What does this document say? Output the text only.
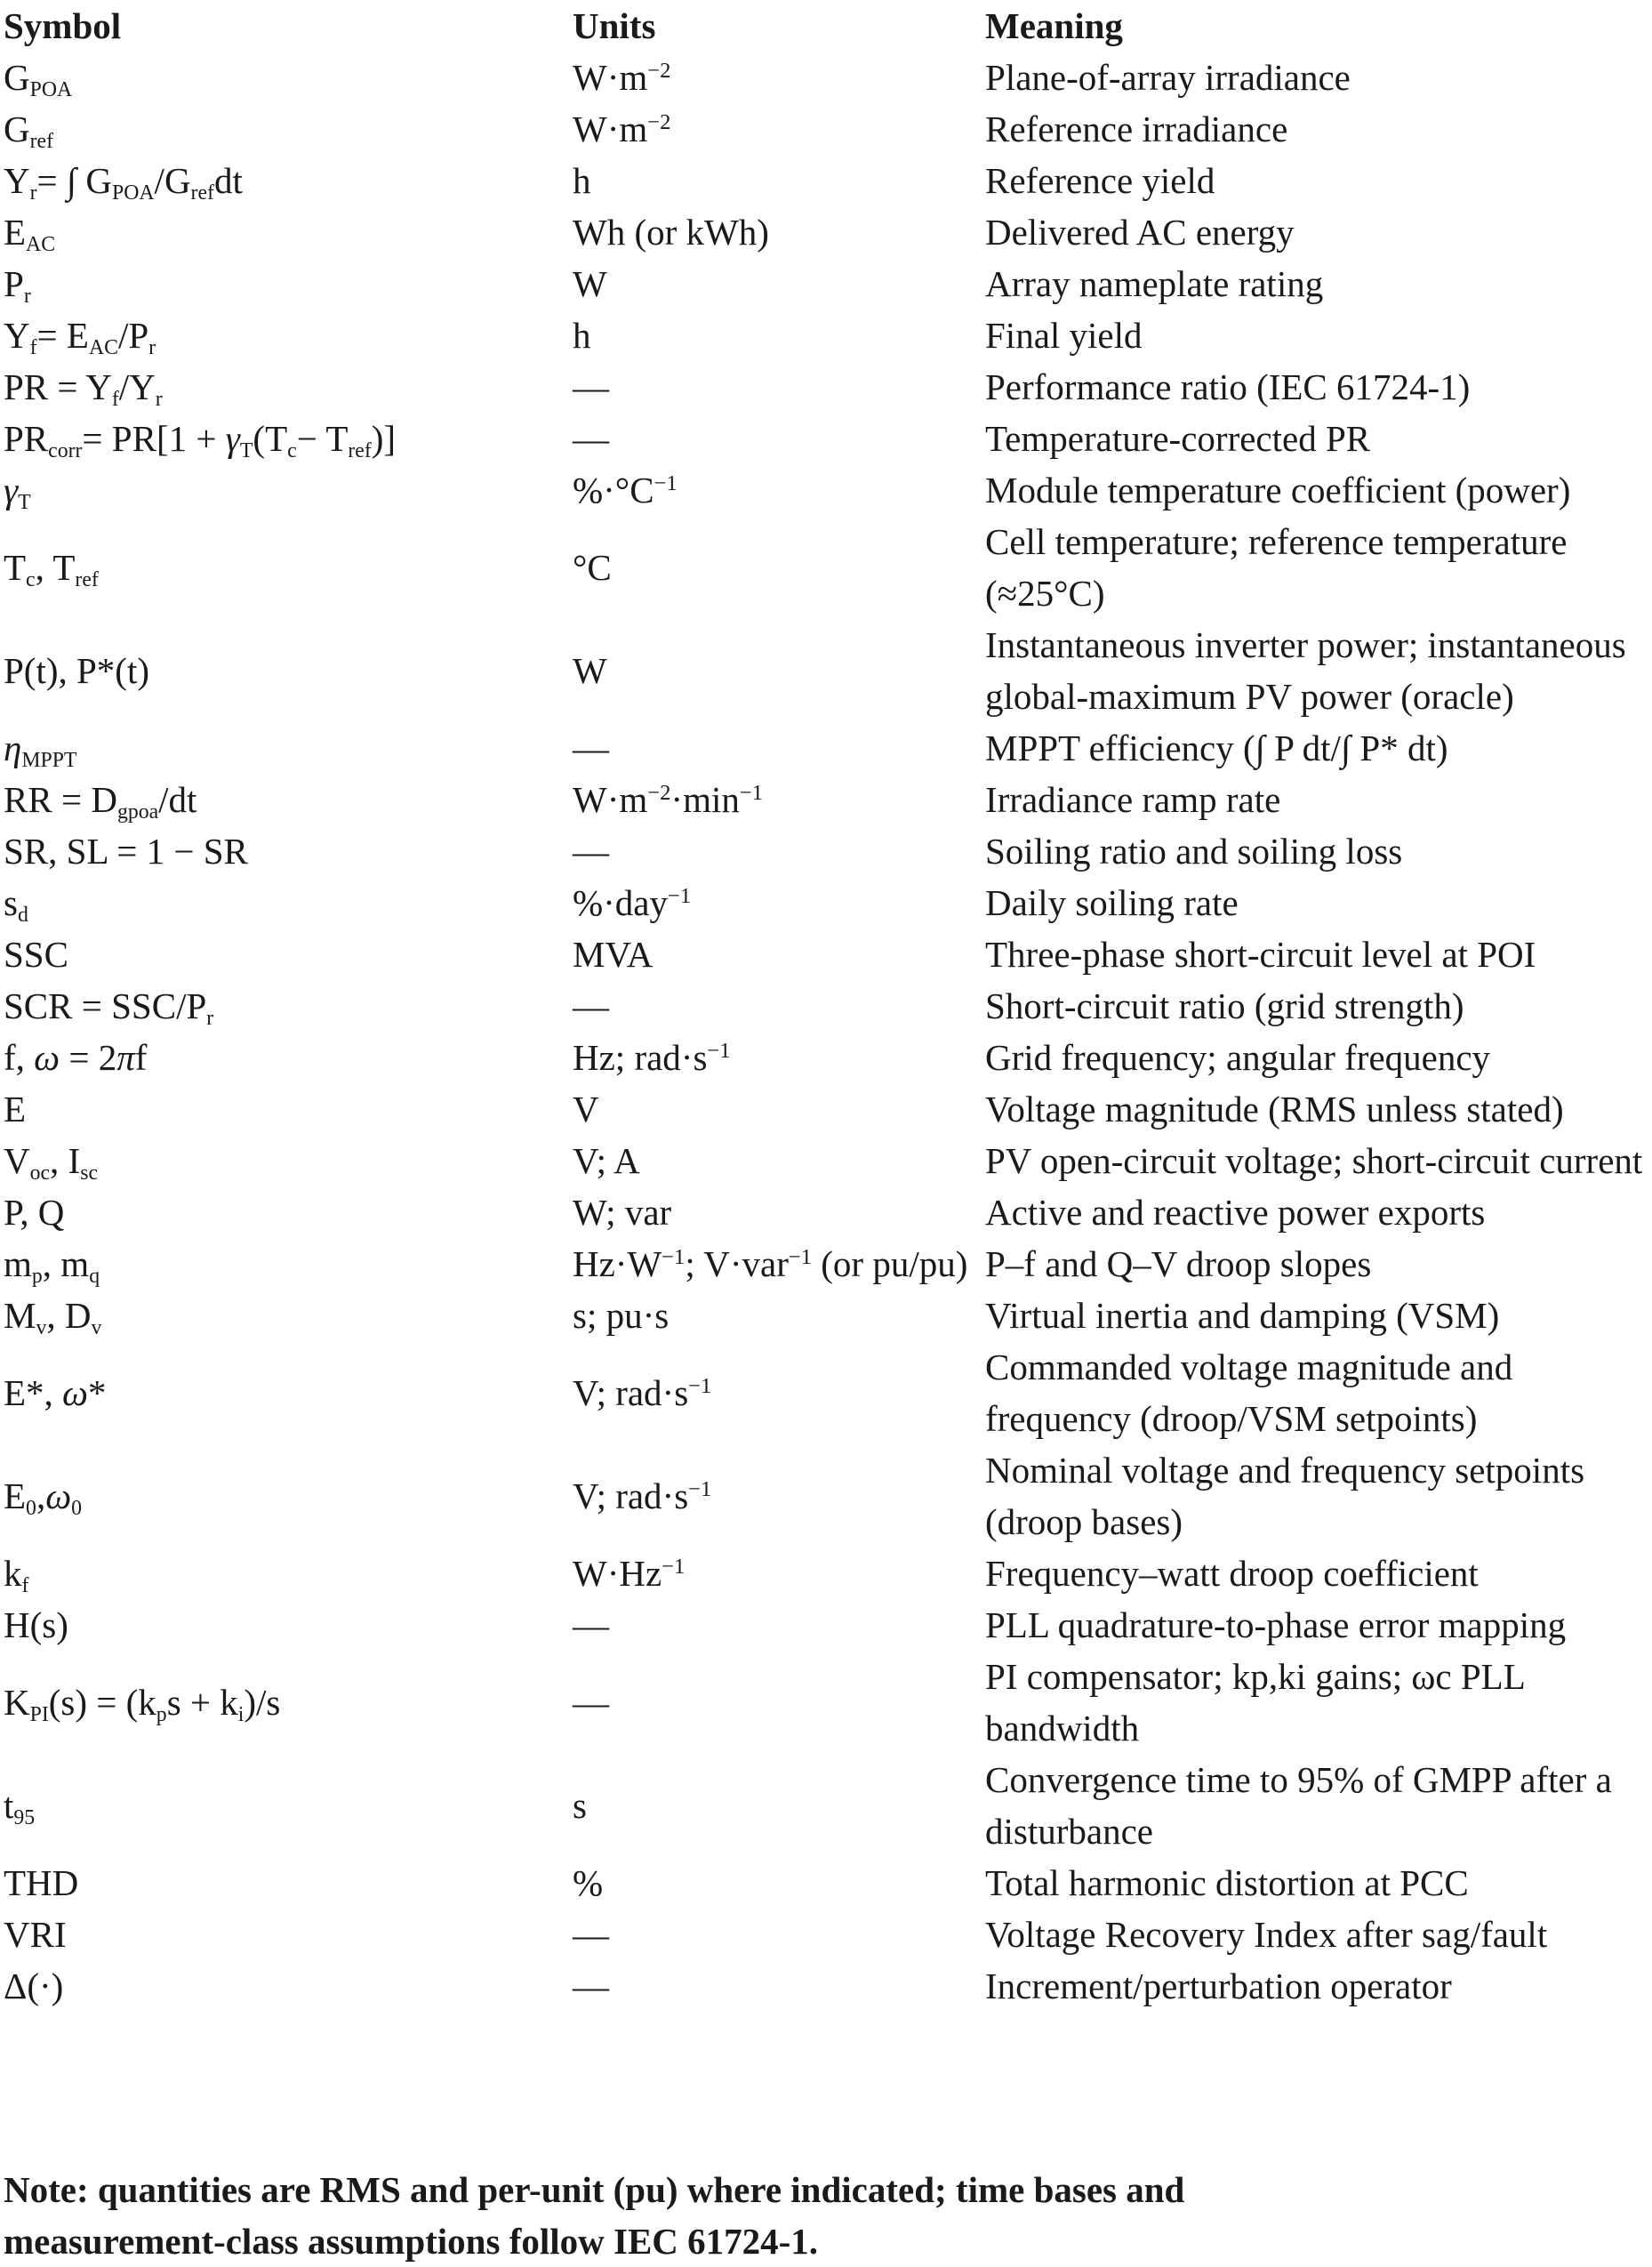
Symbol	Units	Meaning
$G_{POA}$	$W\cdot m^{-2}$	Plane-of-array irradiance
$G_{ref}$	$W\cdot m^{-2}$	Reference irradiance
$Y_r=$ ∫ $G_{POA}/G_{ref}dt$	h	Reference yield
$E_{AC}$	Wh (or kWh)	Delivered AC energy
$P_r$	W	Array nameplate rating
$Y_f= E_{AC}/P_r$	h	Final yield
PR = $Y_f/Y_r$	—	Performance ratio (IEC 61724-1)
$PR_{corr}= PR[1 + \gamma_T(T_c- T_{ref})]$	—	Temperature-corrected PR
$\gamma_T$	$\%\cdot^\circ C^{-1}$	Module temperature coefficient (power)
$T_c$, $T_{ref}$	°C	Cell temperature; reference temperature (≈25°C)
P(t), P*(t)	W	Instantaneous inverter power; instantaneous global-maximum PV power (oracle)
$\eta_{MPPT}$	—	MPPT efficiency (∫ P dt/∫ P* dt)
RR = $D_{gpoa}/dt$	$W\cdot m^{-2}\cdot\min^{-1}$	Irradiance ramp rate
SR, SL = 1 − SR	—	Soiling ratio and soiling loss
$s_d$	%·day$^{-1}$	Daily soiling rate
SSC	MVA	Three-phase short-circuit level at POI
SCR = SSC/$P_r$	—	Short-circuit ratio (grid strength)
f, ω = 2πf	Hz; $rad\cdot s^{-1}$	Grid frequency; angular frequency
E	V	Voltage magnitude (RMS unless stated)
$V_{oc}$, $I_{sc}$	V; A	PV open-circuit voltage; short-circuit current
P, Q	W; var	Active and reactive power exports
$m_p$, $m_q$	$Hz\cdot W^{-1}$; V·var$^{-1}$ (or pu/pu)	P–f and Q–V droop slopes
$M_v$, $D_v$	s; pu·s	Virtual inertia and damping (VSM)
E*, ω*	V; $rad\cdot s^{-1}$	Commanded voltage magnitude and frequency (droop/VSM setpoints)
$E_0,\omega_0$	V; $rad\cdot s^{-1}$	Nominal voltage and frequency setpoints (droop bases)
$k_f$	$W\cdot Hz^{-1}$	Frequency–watt droop coefficient
H(s)	—	PLL quadrature-to-phase error mapping
$K_{PI}(s) = (k_ps + k_i)/s$	—	PI compensator; kp,ki gains; ωc PLL bandwidth
$t_{95}$	s	Convergence time to 95% of GMPP after a disturbance
THD	%	Total harmonic distortion at PCC
VRI	—	Voltage Recovery Index after sag/fault
Δ(·)	—	Increment/perturbation operator
Note: quantities are RMS and per-unit (pu) where indicated; time bases and measurement-class assumptions follow IEC 61724-1.
